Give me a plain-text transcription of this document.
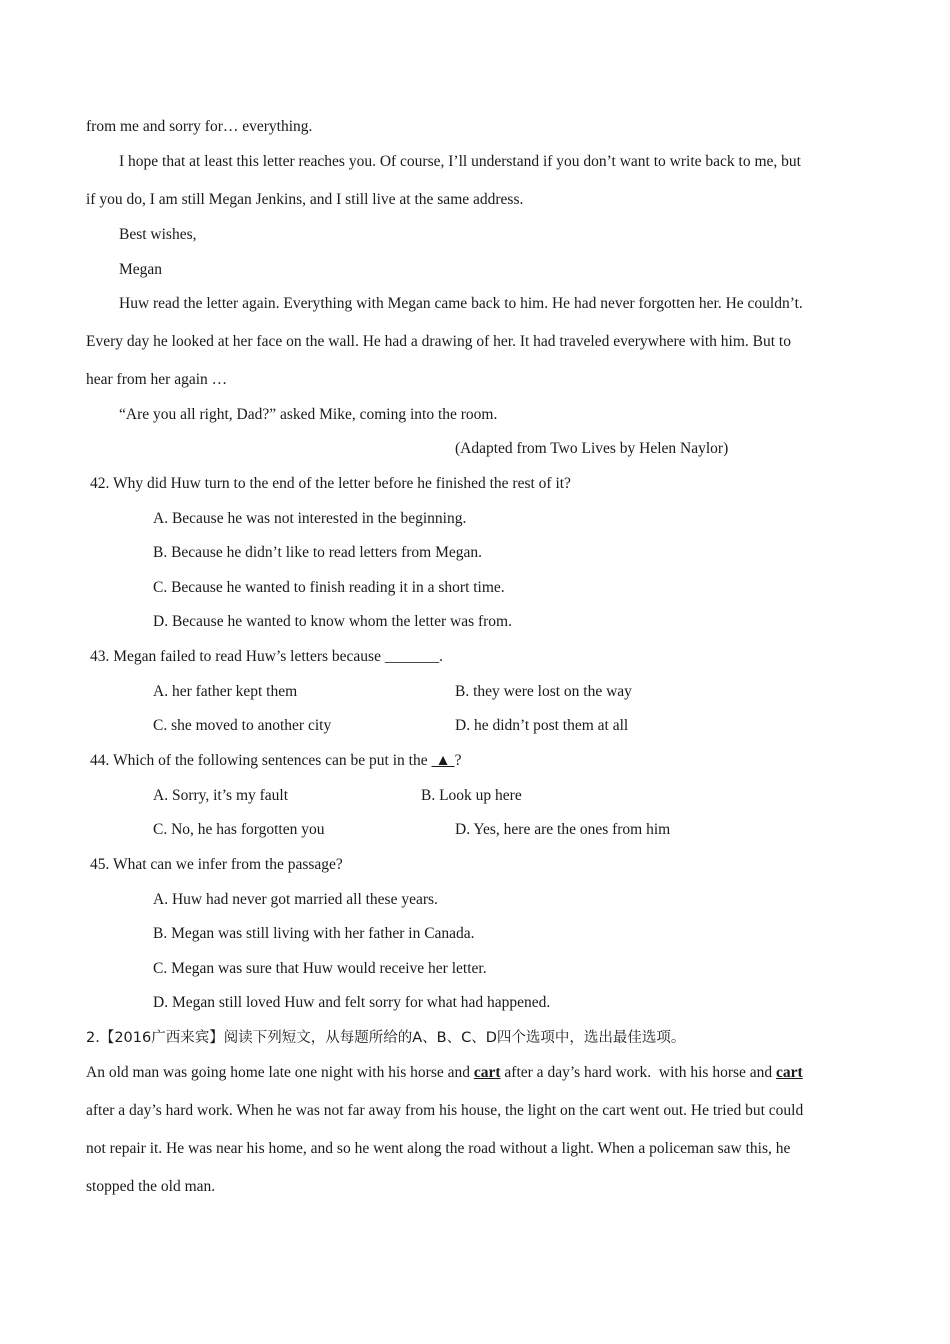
from me and sorry for… everything.
I hope that at least this letter reaches you. Of course, I’ll understand if you don’t want to write back to me, but
if you do, I am still Megan Jenkins, and I still live at the same address.
Best wishes,
Megan
Huw read the letter again. Everything with Megan came back to him. He had never forgotten her. He couldn’t.
Every day he looked at her face on the wall. He had a drawing of her. It had traveled everywhere with him. But to
hear from her again …
“Are you all right, Dad?” asked Mike, coming into the room.
(Adapted from Two Lives by Helen Naylor)
42. Why did Huw turn to the end of the letter before he finished the rest of it?
A. Because he was not interested in the beginning.
B. Because he didn’t like to read letters from Megan.
C. Because he wanted to finish reading it in a short time.
D. Because he wanted to know whom the letter was from.
43. Megan failed to read Huw’s letters because _______.
A. her father kept them	B. they were lost on the way
C. she moved to another city	D. he didn’t post them at all
44. Which of the following sentences can be put in the  ▲ ?
A. Sorry, it’s my fault	B. Look up here
C. No, he has forgotten you	D. Yes, here are the ones from him
45. What can we infer from the passage?
A. Huw had never got married all these years.
B. Megan was still living with her father in Canada.
C. Megan was sure that Huw would receive her letter.
D. Megan still loved Huw and felt sorry for what had happened.
2.【2016广西来宾】阅读下列短文，从每题所给的A、B、C、D四个选项中，选出最佳选项。
An old man was going home late one night with his horse and cart after a day’s hard work.  with his horse and cart
after a day’s hard work. When he was not far away from his house, the light on the cart went out. He tried but could
not repair it. He was near his home, and so he went along the road without a light. When a policeman saw this, he
stopped the old man.
